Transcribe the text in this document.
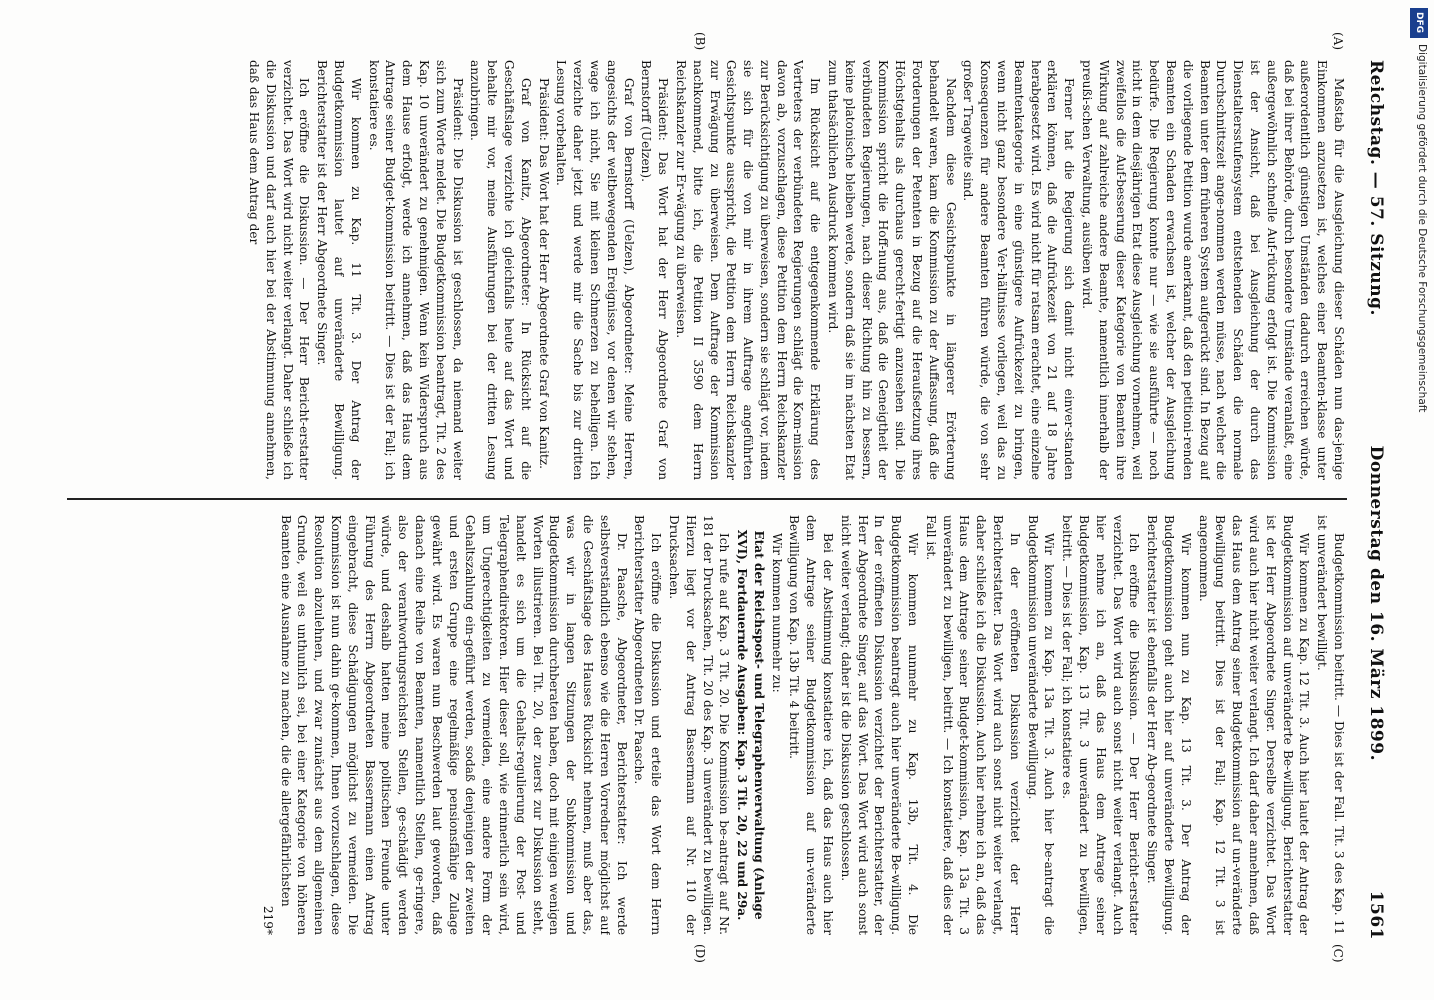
Reichstag. — 57. Sitzung.
Donnerstag den 16. März 1899.
1561
(A)
(B)
(C)
(D)

Maßstab für die Ausgleichung dieser Schäden nun das-jenige Einkommen anzusetzen ist, welches einer Beamten-klasse unter außerordentlich günstigen Umständen dadurch erreichen würde, daß bei ihrer Behörde, durch besondere Umstände veranlaßt, eine außergewöhnlich schnelle Auf-rückung erfolgt ist. Die Kommission ist der Ansicht, daß bei Ausgleichung der durch das Dienstaltersstufensystem entstehenden Schäden die normale Durchschnittszeit ange-nommen werden müsse, nach welcher die Beamten unter dem früheren System aufgerückt sind. In Bezug auf die vorliegende Petition wurde anerkannt, daß den petitioni-renden Beamten ein Schaden erwachsen ist, welcher der Ausgleichung bedürfe. Die Regierung konnte nur — wie sie ausführte — noch nicht in dem diesjährigen Etat diese Ausgleichung vornehmen, weil zweifellos die Auf-besserung dieser Kategorie von Beamten ihre Wirkung auf zahlreiche andere Beamte, namentlich innerhalb der preußi-schen Verwaltung, ausüben wird.

Ferner hat die Regierung sich damit nicht einver-standen erklären können, daß die Aufrückezeit von 21 auf 18 Jahre herabgesetzt wird. Es wird nicht für ratsam erachtet, eine einzelne Beamtenkategorie in eine günstigere Aufrückezeit zu bringen, wenn nicht ganz besondere Ver-hältnisse vorliegen, weil das zu Konsequenzen für andere Beamten führen würde, die von sehr großer Tragweite sind.

Nachdem diese Gesichtspunkte in längerer Erörterung behandelt waren, kam die Kommission zu der Auffassung, daß die Forderungen der Petenten in Bezug auf die Heraufsetzung ihres Höchstgehalts als durchaus gerecht-fertigt anzusehen sind. Die Kommission spricht die Hoff-nung aus, daß die Geneigtheit der verbündeten Regierungen, nach dieser Richtung hin zu bessern, keine platonische bleiben werde, sondern daß sie im nächsten Etat zum thatsächlichen Ausdruck kommen wird.

Im Rücksicht auf die entgegenkommende Erklärung des Vertreters der verbündeten Regierungen schlägt die Kom-mission davon ab, vorzuschlagen, diese Petition dem Herrn Reichskanzler zur Berücksichtigung zu überweisen, sondern sie schlägt vor, indem sie sich für die von mir in ihrem Auftrage angeführten Gesichtspunkte ausspricht, die Petition dem Herrn Reichskanzler zur Erwägung zu überweisen. Dem Auftrage der Kommission nachkommend, bitte ich, die Petition II 3590 dem Herrn Reichskanzler zur Er-wägung zu überweisen.

Präsident: Das Wort hat der Herr Abgeordnete Graf von Bernstorff (Uelzen).

Graf von Bernstorff (Uelzen), Abgeordneter: Meine Herren, angesichts der weltbewegenden Ereignisse, vor denen wir stehen, wage ich nicht, Sie mit kleinen Schmerzen zu behelligen. Ich verzichte daher jetzt und werde mir die Sache bis zur dritten Lesung vorbehalten.

Präsident: Das Wort hat der Herr Abgeordnete Graf von Kanitz.

Graf von Kanitz, Abgeordneter: In Rücksicht auf die Geschäftslage verzichte ich gleichfalls heute auf das Wort und behalte mir vor, meine Ausführungen bei der dritten Lesung anzubringen.

Präsident: Die Diskussion ist geschlossen, da niemand weiter sich zum Worte meldet. Die Budgetkommission beantragt, Tit. 2 des Kap. 10 unverändert zu genehmigen. Wenn kein Widerspruch aus dem Hause erfolgt, werde ich annehmen, daß das Haus dem Antrage seiner Budget-kommission beitritt. — Dies ist der Fall; ich konstatiere es.

Wir kommen zu Kap. 11 Tit. 3. Der Antrag der Budgetkommission lautet auf unveränderte Bewilligung. Berichterstatter ist der Herr Abgeordnete Singer.

Ich eröffne die Diskussion. — Der Herr Bericht-erstatter verzichtet. Das Wort wird nicht weiter verlangt. Daher schließe ich die Diskussion und darf auch hier bei der Abstimmung annehmen, daß das Haus dem Antrag der

Budgetkommission beitritt. — Dies ist der Fall. Tit. 3 des Kap. 11 ist unverändert bewilligt.

Wir kommen zu Kap. 12 Tit. 3. Auch hier lautet der Antrag der Budgetkommission auf unveränderte Be-willigung. Berichterstatter ist der Herr Abgeordnete Singer. Derselbe verzichtet. Das Wort wird auch hier nicht weiter verlangt. Ich darf daher annehmen, daß das Haus dem Antrag seiner Budgetkommission auf un-veränderte Bewilligung beitritt. Dies ist der Fall; Kap. 12 Tit. 3 ist angenommen.

Wir kommen nun zu Kap. 13 Tit. 3. Der Antrag der Budgetkommission geht auch hier auf unveränderte Bewilligung. Berichterstatter ist ebenfalls der Herr Ab-geordnete Singer.

Ich eröffne die Diskussion. — Der Herr Bericht-erstatter verzichtet. Das Wort wird auch sonst nicht weiter verlangt. Auch hier nehme ich an, daß das Haus dem Antrage seiner Budgetkommission, Kap. 13 Tit. 3 unverändert zu bewilligen, beitritt. — Dies ist der Fall; ich konstatiere es.

Wir kommen zu Kap. 13a Tit. 3. Auch hier be-antragt die Budgetkommission unveränderte Bewilligung.

In der eröffneten Diskussion verzichtet der Herr Berichterstatter. Das Wort wird auch sonst nicht weiter verlangt, daher schließe ich die Diskussion. Auch hier nehme ich an, daß das Haus dem Antrage seiner Budget-kommission, Kap. 13a Tit. 3 unverändert zu bewilligen, beitritt. — Ich konstatiere, daß dies der Fall ist.

Wir kommen nunmehr zu Kap. 13b, Tit. 4. Die Budgetkommission beantragt auch hier unveränderte Be-willigung. In der eröffneten Diskussion verzichtet der Berichterstatter, der Herr Abgeordnete Singer, auf das Wort. Das Wort wird auch sonst nicht weiter verlangt; daher ist die Diskussion geschlossen.

Bei der Abstimmung konstatiere ich, daß das Haus auch hier dem Antrage seiner Budgetkommission auf un-veränderte Bewilligung von Kap. 13b Tit. 4 beitritt.

Wir kommen nunmehr zu:

Etat der Reichspost- und Telegraphenverwaltung (Anlage XVI), Fortdauernde Ausgaben: Kap. 3 Tit. 20, 22 und 29a.

Ich rufe auf Kap. 3 Tit. 20. Die Kommission be-antragt auf Nr. 181 der Drucksachen, Tit. 20 des Kap. 3 unverändert zu bewilligen. Hierzu liegt vor der Antrag Bassermann auf Nr. 110 der Drucksachen.

Ich eröffne die Diskussion und erteile das Wort dem Herrn Berichterstatter Abgeordneten Dr. Paasche.

Dr. Paasche, Abgeordneter, Berichterstatter: Ich werde selbstverständlich ebenso wie die Herren Vorredner möglichst auf die Geschäftslage des Hauses Rücksicht nehmen, muß aber das, was wir in langen Sitzungen der Subkommission und Budgetkommission durchberaten haben, doch mit einigen wenigen Worten illustrieren. Bei Tit. 20, der zuerst zur Diskussion steht, handelt es sich um die Gehalts-regulierung der Post- und Telegraphendirektoren. Hier dieser soll, wie erinnerlich sein wird, um Ungerechtigkeiten zu vermeiden, eine andere Form der Gehaltszahlung ein-geführt werden, sodaß denjenigen der zweiten und ersten Gruppe eine regelmäßige pensionsfähige Zulage gewährt wird. Es waren nun Beschwerden laut geworden, daß danach eine Reihe von Beamten, namentlich Stellen, ge-ringere, also der verantwortungsreichsten Stellen, ge-schädigt werden würde, und deshalb hatten meine politischen Freunde unter Führung des Herrn Abgeordneten Bassermann einen Antrag eingebracht, diese Schädigungen möglichst zu vermeiden. Die Kommission ist nun dahin ge-kommen, Ihnen vorzuschlagen, diese Resolution abzulehnen, und zwar zunächst aus dem allgemeinen Grunde, weil es unthunlich sei, bei einer Kategorie von höheren Beamten eine Ausnahme zu machen, die die allergefährlichsten

219*

DFG
Digitalisierung gefördert durch die Deutsche Forschungsgemeinschaft
